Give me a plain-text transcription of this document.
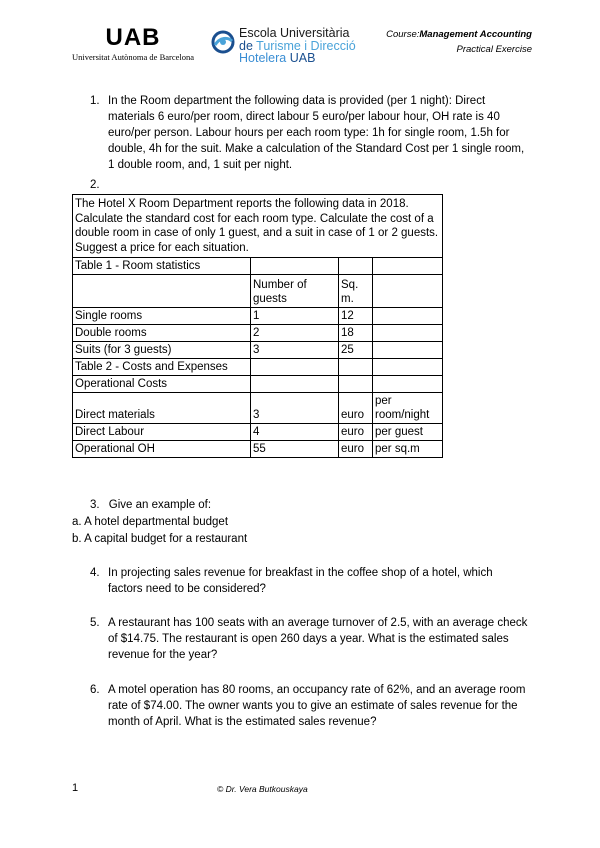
UAB
Universitat Autònoma de Barcelona
Escola Universitària
de Turisme i Direcció
Hotelera UAB
Course:Management Accounting
Practical Exercise
1. In the Room department the following data is provided (per 1 night): Direct materials 6 euro/per room, direct labour 5 euro/per labour hour, OH rate is 40 euro/per person. Labour hours per each room type: 1h for single room, 1.5h for double, 4h for the suit. Make a calculation of the Standard Cost per 1 single room, 1 double room, and, 1 suit per night.
2.
The Hotel X Room Department reports the following data in 2018. Calculate the standard cost for each room type. Calculate the cost of a double room in case of only 1 guest, and a suit in case of 1 or 2 guests. Suggest a price for each situation.			
Table 1 - Room statistics			
	Number of guests	Sq. m.	
Single rooms	1	12	
Double rooms	2	18	
Suits (for 3 guests)	3	25	
Table 2 - Costs and Expenses			
Operational Costs			
Direct materials	3	euro	per room/night
Direct Labour	4	euro	per guest
Operational OH	55	euro	per sq.m
3. Give an example of:
a. A hotel departmental budget
b. A capital budget for a restaurant
4. In projecting sales revenue for breakfast in the coffee shop of a hotel, which factors need to be considered?
5. A restaurant has 100 seats with an average turnover of 2.5, with an average check of $14.75. The restaurant is open 260 days a year. What is the estimated sales revenue for the year?
6. A motel operation has 80 rooms, an occupancy rate of 62%, and an average room rate of $74.00. The owner wants you to give an estimate of sales revenue for the month of April. What is the estimated sales revenue?
1	© Dr. Vera Butkouskaya
